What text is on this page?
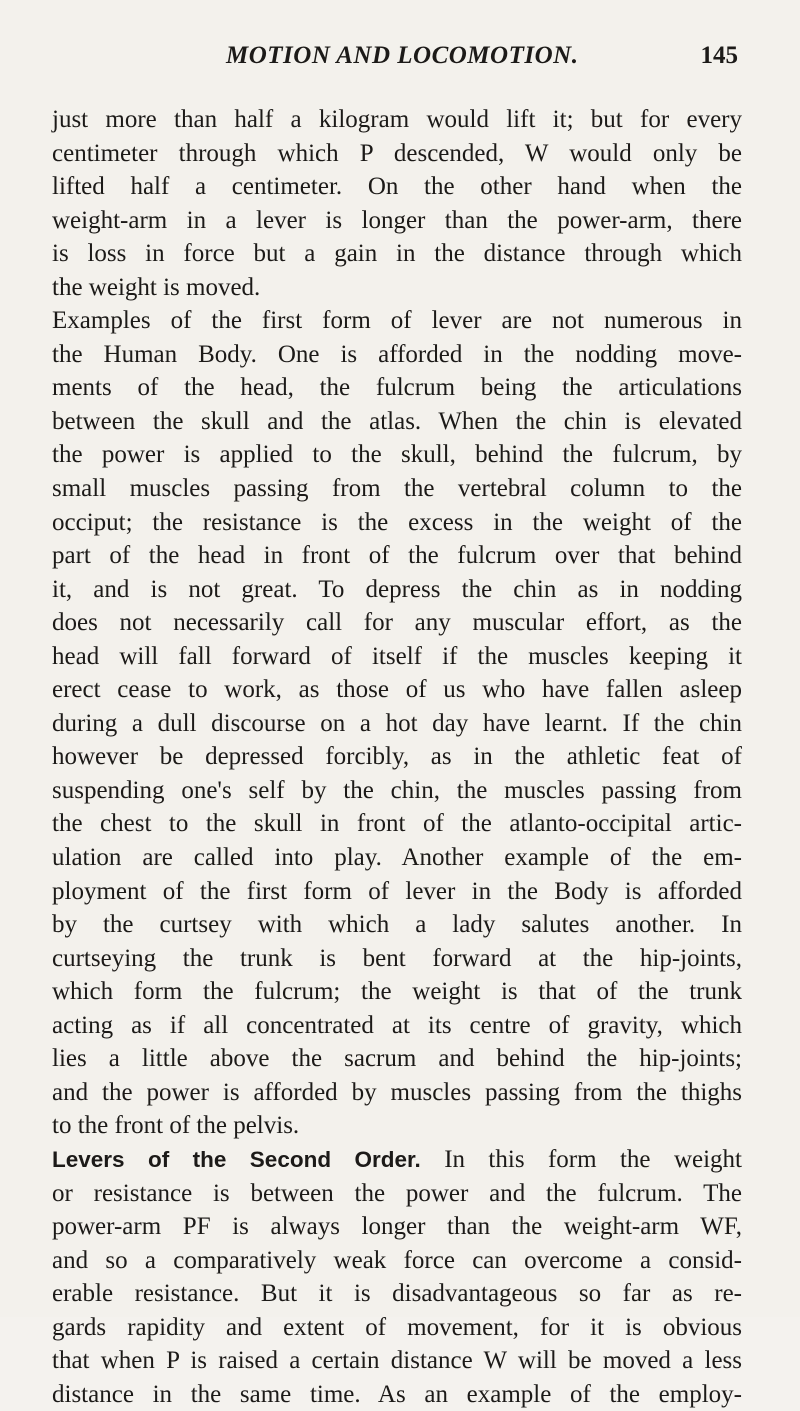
MOTION AND LOCOMOTION.	145
just more than half a kilogram would lift it; but for every
centimeter through which P descended, W would only be
lifted half a centimeter. On the other hand when the
weight-arm in a lever is longer than the power-arm, there
is loss in force but a gain in the distance through which
the weight is moved.
Examples of the first form of lever are not numerous in
the Human Body. One is afforded in the nodding move-
ments of the head, the fulcrum being the articulations
between the skull and the atlas. When the chin is elevated
the power is applied to the skull, behind the fulcrum, by
small muscles passing from the vertebral column to the
occiput; the resistance is the excess in the weight of the
part of the head in front of the fulcrum over that behind
it, and is not great. To depress the chin as in nodding
does not necessarily call for any muscular effort, as the
head will fall forward of itself if the muscles keeping it
erect cease to work, as those of us who have fallen asleep
during a dull discourse on a hot day have learnt. If the chin
however be depressed forcibly, as in the athletic feat of
suspending one's self by the chin, the muscles passing from
the chest to the skull in front of the atlanto-occipital artic-
ulation are called into play. Another example of the em-
ployment of the first form of lever in the Body is afforded
by the curtsey with which a lady salutes another. In
curtseying the trunk is bent forward at the hip-joints,
which form the fulcrum; the weight is that of the trunk
acting as if all concentrated at its centre of gravity, which
lies a little above the sacrum and behind the hip-joints;
and the power is afforded by muscles passing from the thighs
to the front of the pelvis.
Levers of the Second Order. In this form the weight
or resistance is between the power and the fulcrum. The
power-arm PF is always longer than the weight-arm WF,
and so a comparatively weak force can overcome a consid-
erable resistance. But it is disadvantageous so far as re-
gards rapidity and extent of movement, for it is obvious
that when P is raised a certain distance W will be moved a less
distance in the same time. As an example of the employ-
